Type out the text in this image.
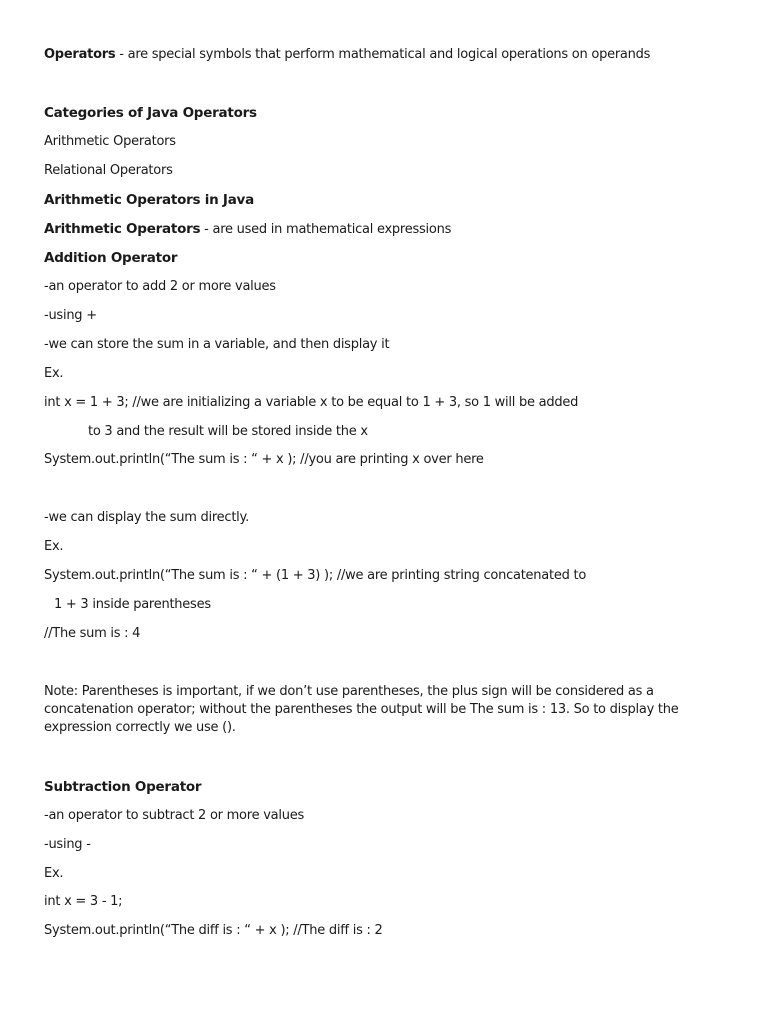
Operators - are special symbols that perform mathematical and logical operations on operands
Categories of Java Operators
Arithmetic Operators
Relational Operators
Arithmetic Operators in Java
Arithmetic Operators - are used in mathematical expressions
Addition Operator
-an operator to add 2 or more values
-using +
-we can store the sum in a variable, and then display it
Ex.
int x = 1 + 3; //we are initializing a variable x to be equal to 1 + 3, so 1 will be added
to 3 and the result will be stored inside the x
System.out.println(“The sum is : “ + x ); //you are printing x over here
-we can display the sum directly.
Ex.
System.out.println(“The sum is : “ + (1 + 3) ); //we are printing string concatenated to
1 + 3 inside parentheses
//The sum is : 4
Note: Parentheses is important, if we don’t use parentheses, the plus sign will be considered as a concatenation operator; without the parentheses the output will be The sum is : 13. So to display the expression correctly we use ().
Subtraction Operator
-an operator to subtract 2 or more values
-using -
Ex.
int x = 3 - 1;
System.out.println(“The diff is : “ + x ); //The diff is : 2
